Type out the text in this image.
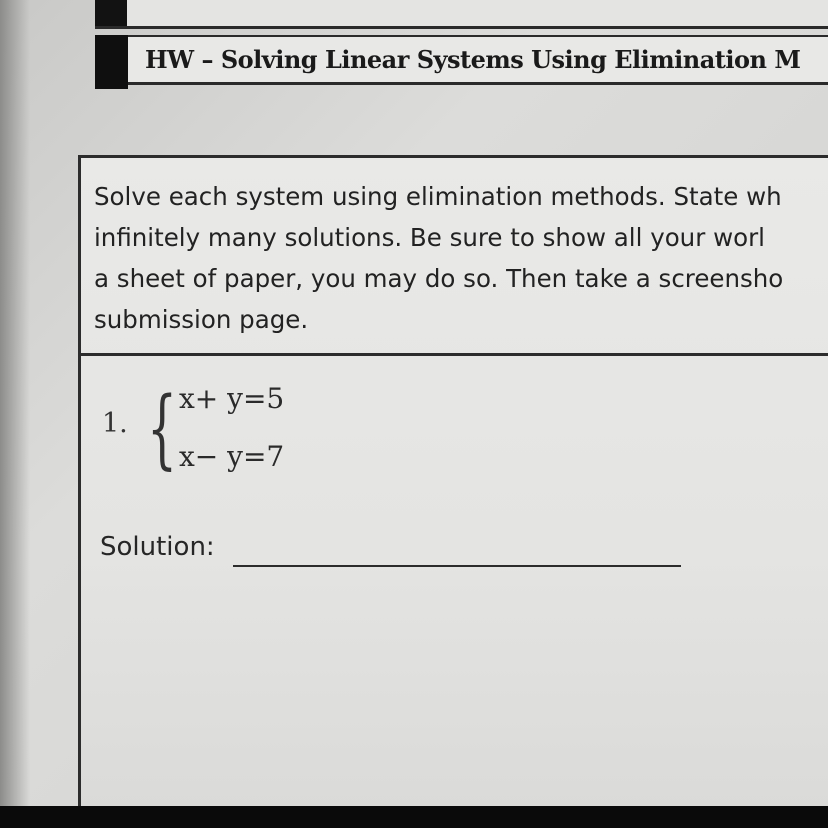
HW – Solving Linear Systems Using Elimination M
Solve each system using elimination methods. State wh
infinitely many solutions. Be sure to show all your worl
a sheet of paper, you may do so. Then take a screensho
submission page.
1. { x+ y=5
x− y=7
Solution:
